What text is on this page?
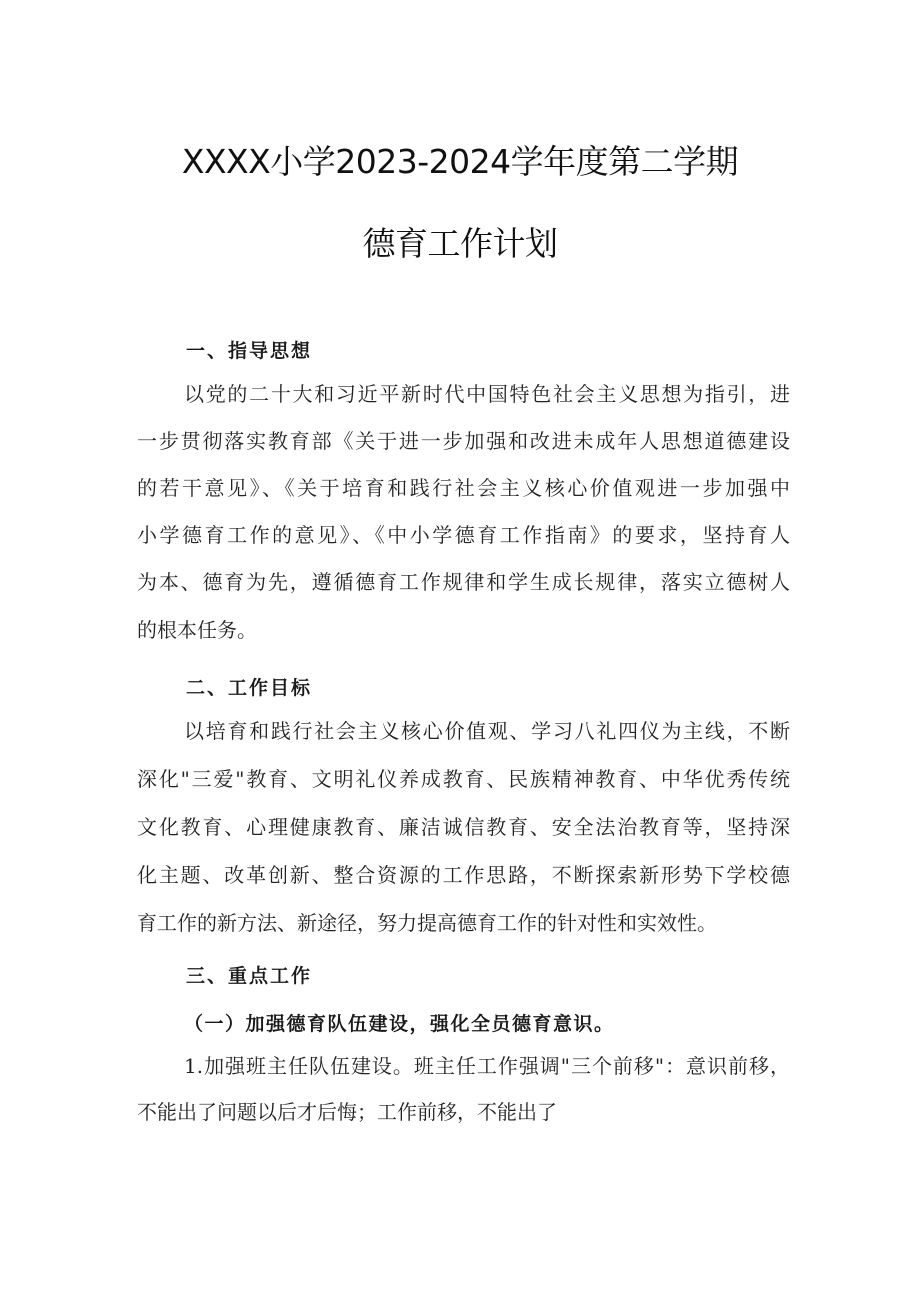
XXXX小学2023-2024学年度第二学期
德育工作计划
一、指导思想
以党的二十大和习近平新时代中国特色社会主义思想为指引，进
一步贯彻落实教育部《关于进一步加强和改进未成年人思想道德建设
的若干意见》、《关于培育和践行社会主义核心价值观进一步加强中
小学德育工作的意见》、《中小学德育工作指南》的要求，坚持育人
为本、德育为先，遵循德育工作规律和学生成长规律，落实立德树人
的根本任务。
二、工作目标
以培育和践行社会主义核心价值观、学习八礼四仪为主线，不断
深化"三爱"教育、文明礼仪养成教育、民族精神教育、中华优秀传统
文化教育、心理健康教育、廉洁诚信教育、安全法治教育等，坚持深
化主题、改革创新、整合资源的工作思路，不断探索新形势下学校德
育工作的新方法、新途径，努力提高德育工作的针对性和实效性。
三、重点工作
（一）加强德育队伍建设，强化全员德育意识。
1.加强班主任队伍建设。班主任工作强调"三个前移"：意识前移，
不能出了问题以后才后悔；工作前移，不能出了
